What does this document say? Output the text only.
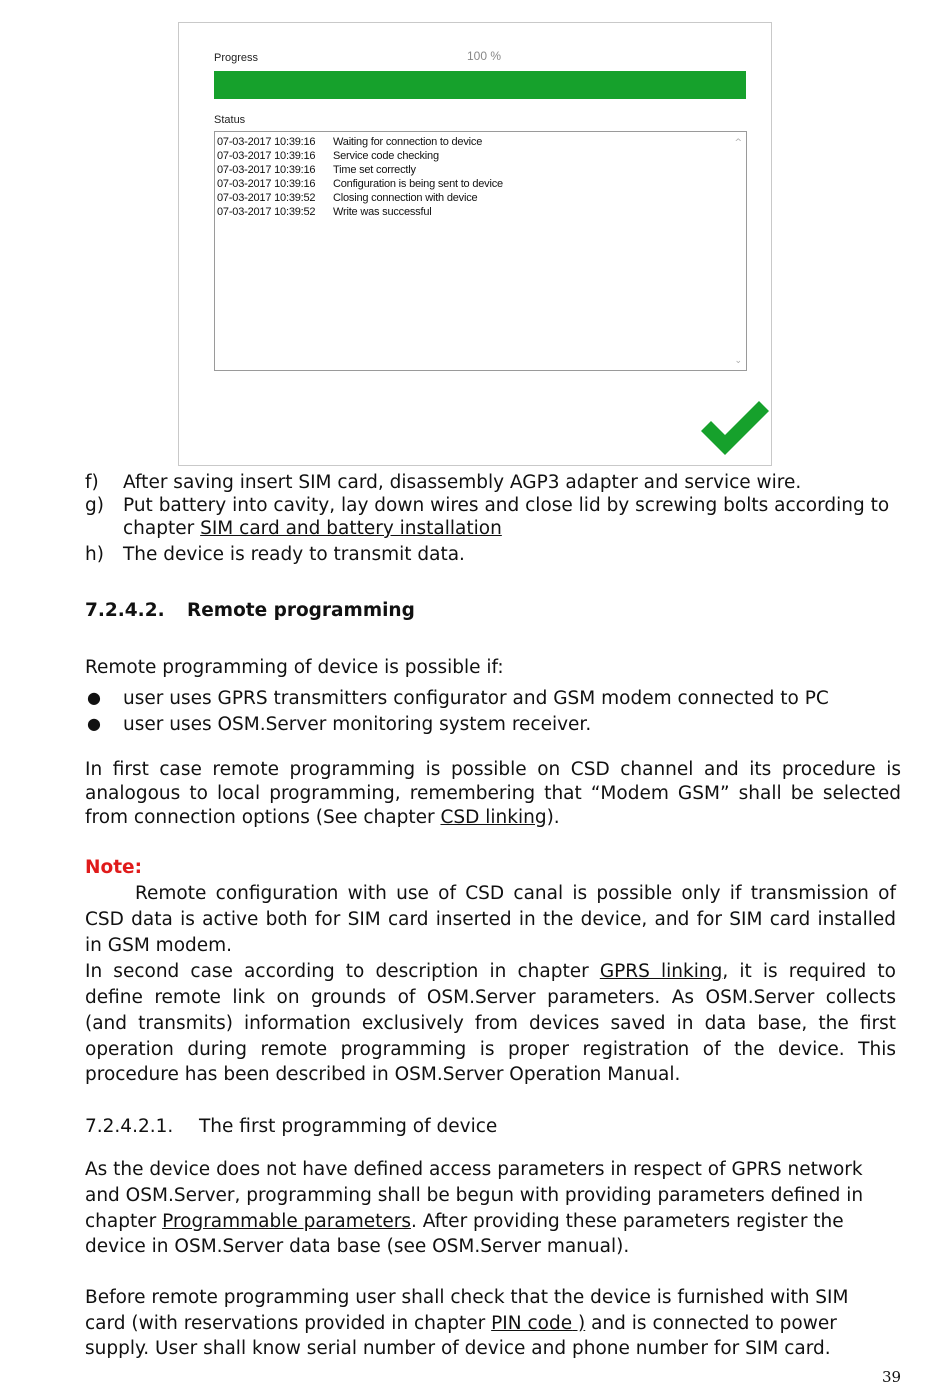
Progress	100 %
Status
07-03-2017 10:39:16 Waiting for connection to device
07-03-2017 10:39:16 Service code checking
07-03-2017 10:39:16 Time set correctly
07-03-2017 10:39:16 Configuration is being sent to device
07-03-2017 10:39:52 Closing connection with device
07-03-2017 10:39:52 Write was successful
^
⌄
f) After saving insert SIM card, disassembly AGP3 adapter and service wire.
g) Put battery into cavity, lay down wires and close lid by screwing bolts according to
chapter SIM card and battery installation
h) The device is ready to transmit data.
7.2.4.2. Remote programming
Remote programming of device is possible if:
● user uses GPRS transmitters configurator and GSM modem connected to PC
● user uses OSM.Server monitoring system receiver.
In first case remote programming is possible on CSD channel and its procedure is
analogous to local programming, remembering that “Modem GSM” shall be selected
from connection options (See chapter CSD linking).
Note:
Remote configuration with use of CSD canal is possible only if transmission of
CSD data is active both for SIM card inserted in the device, and for SIM card installed
in GSM modem.
In second case according to description in chapter GPRS linking, it is required to
define remote link on grounds of OSM.Server parameters. As OSM.Server collects
(and transmits) information exclusively from devices saved in data base, the first
operation during remote programming is proper registration of the device. This
procedure has been described in OSM.Server Operation Manual.
7.2.4.2.1. The first programming of device
As the device does not have defined access parameters in respect of GPRS network
and OSM.Server, programming shall be begun with providing parameters defined in
chapter Programmable parameters. After providing these parameters register the
device in OSM.Server data base (see OSM.Server manual).
Before remote programming user shall check that the device is furnished with SIM
card (with reservations provided in chapter PIN code ) and is connected to power
supply. User shall know serial number of device and phone number for SIM card.
39
